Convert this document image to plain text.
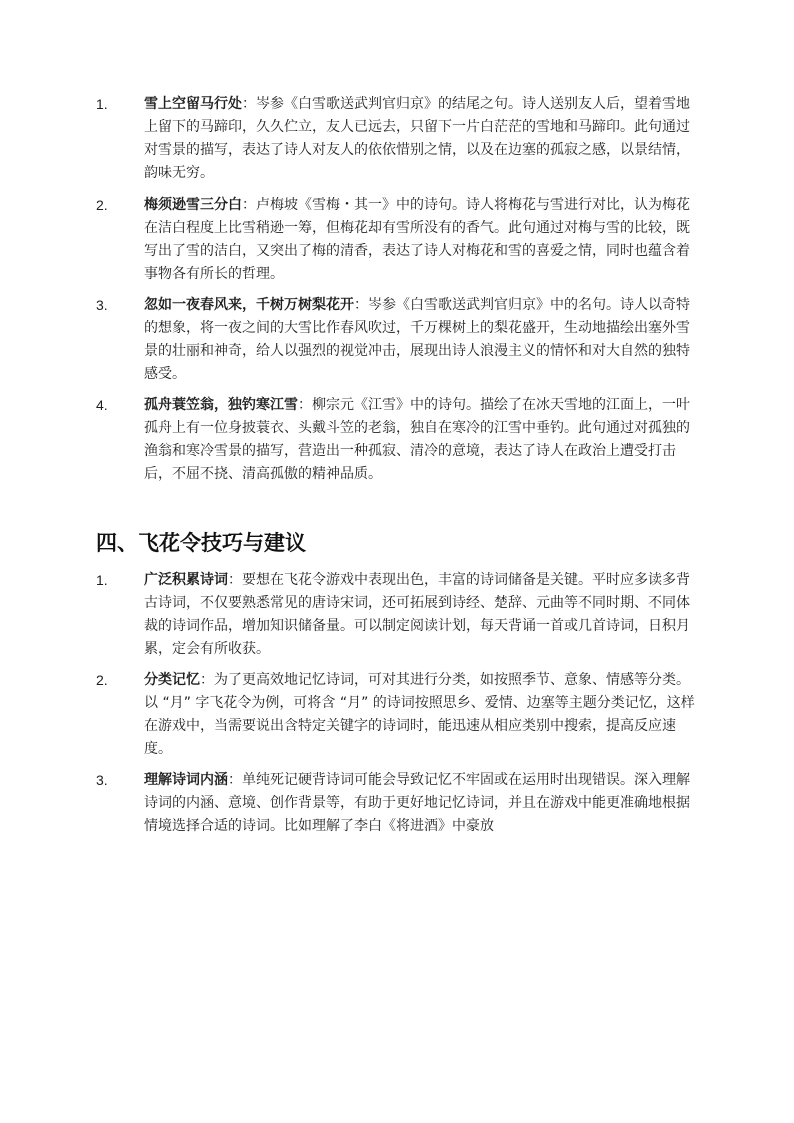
1.	雪上空留马行处：岑参《白雪歌送武判官归京》的结尾之句。诗人送别友人后，望着雪地上留下的马蹄印，久久伫立，友人已远去，只留下一片白茫茫的雪地和马蹄印。此句通过对雪景的描写，表达了诗人对友人的依依惜别之情，以及在边塞的孤寂之感，以景结情，韵味无穷。
2.	梅须逊雪三分白：卢梅坡《雪梅・其一》中的诗句。诗人将梅花与雪进行对比，认为梅花在洁白程度上比雪稍逊一筹，但梅花却有雪所没有的香气。此句通过对梅与雪的比较，既写出了雪的洁白，又突出了梅的清香，表达了诗人对梅花和雪的喜爱之情，同时也蕴含着事物各有所长的哲理。
3.	忽如一夜春风来，千树万树梨花开：岑参《白雪歌送武判官归京》中的名句。诗人以奇特的想象，将一夜之间的大雪比作春风吹过，千万棵树上的梨花盛开，生动地描绘出塞外雪景的壮丽和神奇，给人以强烈的视觉冲击，展现出诗人浪漫主义的情怀和对大自然的独特感受。
4.	孤舟蓑笠翁，独钓寒江雪：柳宗元《江雪》中的诗句。描绘了在冰天雪地的江面上，一叶孤舟上有一位身披蓑衣、头戴斗笠的老翁，独自在寒冷的江雪中垂钓。此句通过对孤独的渔翁和寒冷雪景的描写，营造出一种孤寂、清冷的意境，表达了诗人在政治上遭受打击后，不屈不挠、清高孤傲的精神品质。
四、飞花令技巧与建议
1.	广泛积累诗词：要想在飞花令游戏中表现出色，丰富的诗词储备是关键。平时应多读多背古诗词，不仅要熟悉常见的唐诗宋词，还可拓展到诗经、楚辞、元曲等不同时期、不同体裁的诗词作品，增加知识储备量。可以制定阅读计划，每天背诵一首或几首诗词，日积月累，定会有所收获。
2.	分类记忆：为了更高效地记忆诗词，可对其进行分类，如按照季节、意象、情感等分类。以 “月” 字飞花令为例，可将含 “月” 的诗词按照思乡、爱情、边塞等主题分类记忆，这样在游戏中，当需要说出含特定关键字的诗词时，能迅速从相应类别中搜索，提高反应速度。
3.	理解诗词内涵：单纯死记硬背诗词可能会导致记忆不牢固或在运用时出现错误。深入理解诗词的内涵、意境、创作背景等，有助于更好地记忆诗词，并且在游戏中能更准确地根据情境选择合适的诗词。比如理解了李白《将进酒》中豪放
